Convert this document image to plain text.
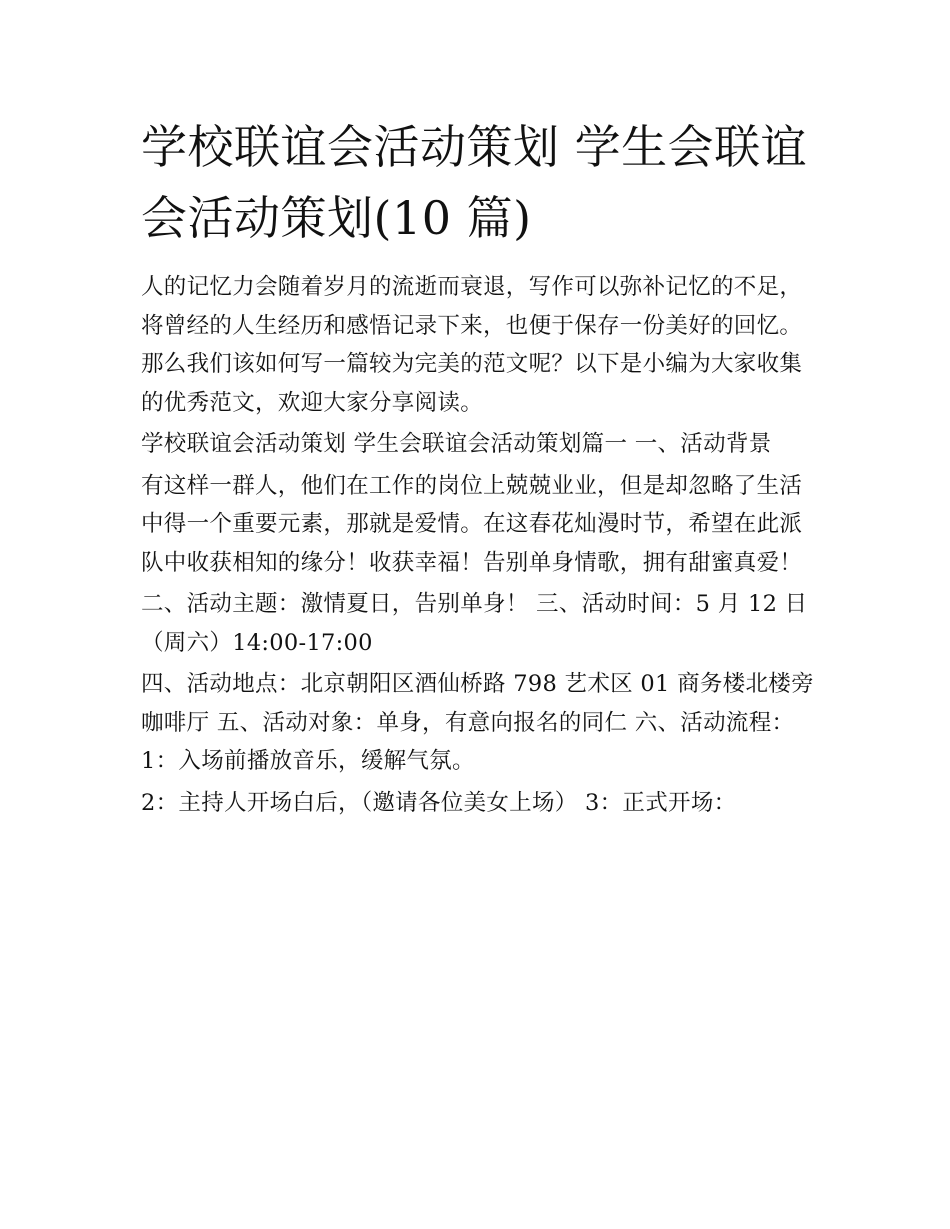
学校联谊会活动策划 学生会联谊会活动策划(10 篇)

人的记忆力会随着岁月的流逝而衰退，写作可以弥补记忆的不足，将曾经的人生经历和感悟记录下来，也便于保存一份美好的回忆。那么我们该如何写一篇较为完美的范文呢？以下是小编为大家收集的优秀范文，欢迎大家分享阅读。

学校联谊会活动策划 学生会联谊会活动策划篇一 一、活动背景

有这样一群人，他们在工作的岗位上兢兢业业，但是却忽略了生活中得一个重要元素，那就是爱情。在这春花灿漫时节，希望在此派队中收获相知的缘分！收获幸福！告别单身情歌，拥有甜蜜真爱！

二、活动主题：激情夏日，告别单身！ 三、活动时间：5 月 12 日（周六）14:00-17:00

四、活动地点：北京朝阳区酒仙桥路 798 艺术区 01 商务楼北楼旁咖啡厅 五、活动对象：单身，有意向报名的同仁 六、活动流程： 1：入场前播放音乐，缓解气氛。

2：主持人开场白后，（邀请各位美女上场） 3：正式开场：
